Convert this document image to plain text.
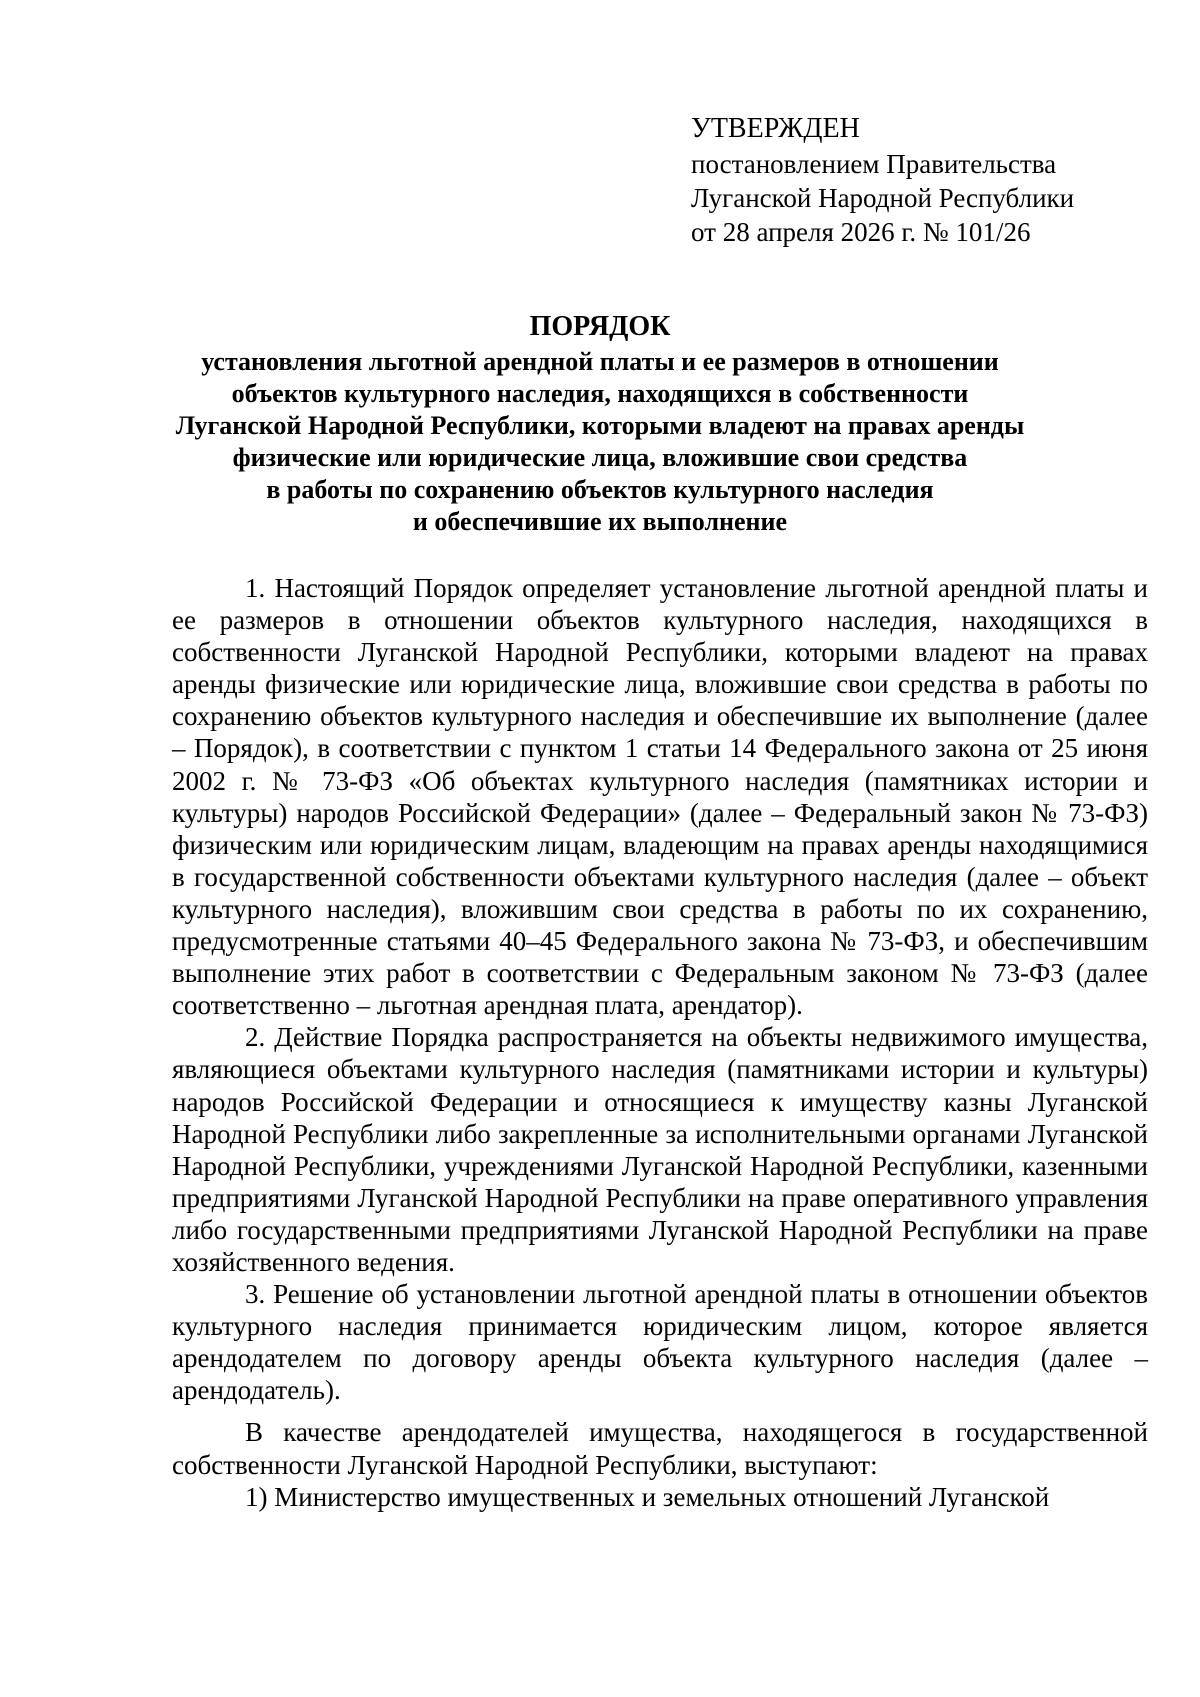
УТВЕРЖДЕН
постановлением Правительства
Луганской Народной Республики
от 28 апреля 2026 г. № 101/26
ПОРЯДОК
установления льготной арендной платы и ее размеров в отношении
объектов культурного наследия, находящихся в собственности
Луганской Народной Республики, которыми владеют на правах аренды
физические или юридические лица, вложившие свои средства
в работы по сохранению объектов культурного наследия
и обеспечившие их выполнение

1. Настоящий Порядок определяет установление льготной арендной платы и ее размеров в отношении объектов культурного наследия, находящихся в собственности Луганской Народной Республики, которыми владеют на правах аренды физические или юридические лица, вложившие свои средства в работы по сохранению объектов культурного наследия и обеспечившие их выполнение (далее – Порядок), в соответствии с пунктом 1 статьи 14 Федерального закона от 25 июня 2002 г. № 73-ФЗ «Об объектах культурного наследия (памятниках истории и культуры) народов Российской Федерации» (далее – Федеральный закон № 73-ФЗ) физическим или юридическим лицам, владеющим на правах аренды находящимися в государственной собственности объектами культурного наследия (далее – объект культурного наследия), вложившим свои средства в работы по их сохранению, предусмотренные статьями 40–45 Федерального закона № 73-ФЗ, и обеспечившим выполнение этих работ в соответствии с Федеральным законом № 73-ФЗ (далее соответственно – льготная арендная плата, арендатор).

2. Действие Порядка распространяется на объекты недвижимого имущества, являющиеся объектами культурного наследия (памятниками истории и культуры) народов Российской Федерации и относящиеся к имуществу казны Луганской Народной Республики либо закрепленные за исполнительными органами Луганской Народной Республики, учреждениями Луганской Народной Республики, казенными предприятиями Луганской Народной Республики на праве оперативного управления либо государственными предприятиями Луганской Народной Республики на праве хозяйственного ведения.

3. Решение об установлении льготной арендной платы в отношении объектов культурного наследия принимается юридическим лицом, которое является арендодателем по договору аренды объекта культурного наследия (далее – арендодатель).

В качестве арендодателей имущества, находящегося в государственной собственности Луганской Народной Республики, выступают:

1) Министерство имущественных и земельных отношений Луганской
